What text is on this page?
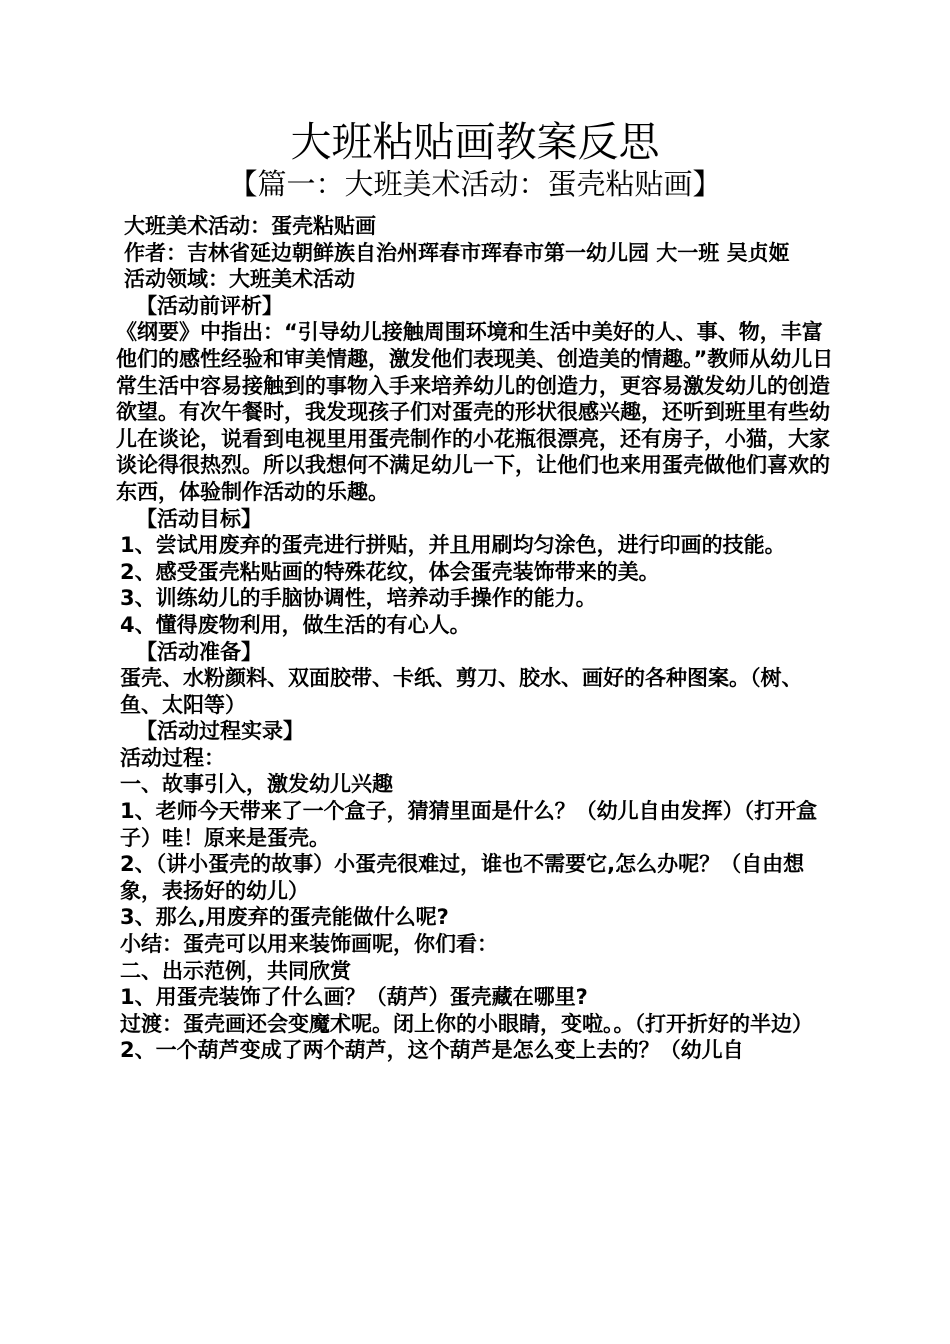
大班粘贴画教案反思
【篇一：大班美术活动：蛋壳粘贴画】

大班美术活动：蛋壳粘贴画

作者：吉林省延边朝鲜族自治州珲春市珲春市第一幼儿园 大一班 吴贞姬

活动领域：大班美术活动

【活动前评析】

《纲要》中指出：“引导幼儿接触周围环境和生活中美好的人、事、物，丰富他们的感性经验和审美情趣，激发他们表现美、创造美的情趣。”教师从幼儿日常生活中容易接触到的事物入手来培养幼儿的创造力，更容易激发幼儿的创造欲望。有次午餐时，我发现孩子们对蛋壳的形状很感兴趣，还听到班里有些幼儿在谈论，说看到电视里用蛋壳制作的小花瓶很漂亮，还有房子，小猫，大家谈论得很热烈。所以我想何不满足幼儿一下，让他们也来用蛋壳做他们喜欢的东西，体验制作活动的乐趣。

【活动目标】

1、尝试用废弃的蛋壳进行拼贴，并且用刷均匀涂色，进行印画的技能。

2、感受蛋壳粘贴画的特殊花纹，体会蛋壳装饰带来的美。

3、训练幼儿的手脑协调性，培养动手操作的能力。

4、懂得废物利用，做生活的有心人。

【活动准备】

蛋壳、水粉颜料、双面胶带、卡纸、剪刀、胶水、画好的各种图案。（树、鱼、太阳等）

【活动过程实录】

活动过程：

一、故事引入，激发幼儿兴趣

1、老师今天带来了一个盒子，猜猜里面是什么？（幼儿自由发挥）（打开盒子）哇！原来是蛋壳。

2、（讲小蛋壳的故事）小蛋壳很难过，谁也不需要它,怎么办呢？（自由想象，表扬好的幼儿）

3、那么,用废弃的蛋壳能做什么呢?

小结：蛋壳可以用来装饰画呢，你们看：

二、出示范例，共同欣赏

1、用蛋壳装饰了什么画？（葫芦）蛋壳藏在哪里?

过渡：蛋壳画还会变魔术呢。闭上你的小眼睛，变啦。。（打开折好的半边）

2、一个葫芦变成了两个葫芦，这个葫芦是怎么变上去的？（幼儿自
